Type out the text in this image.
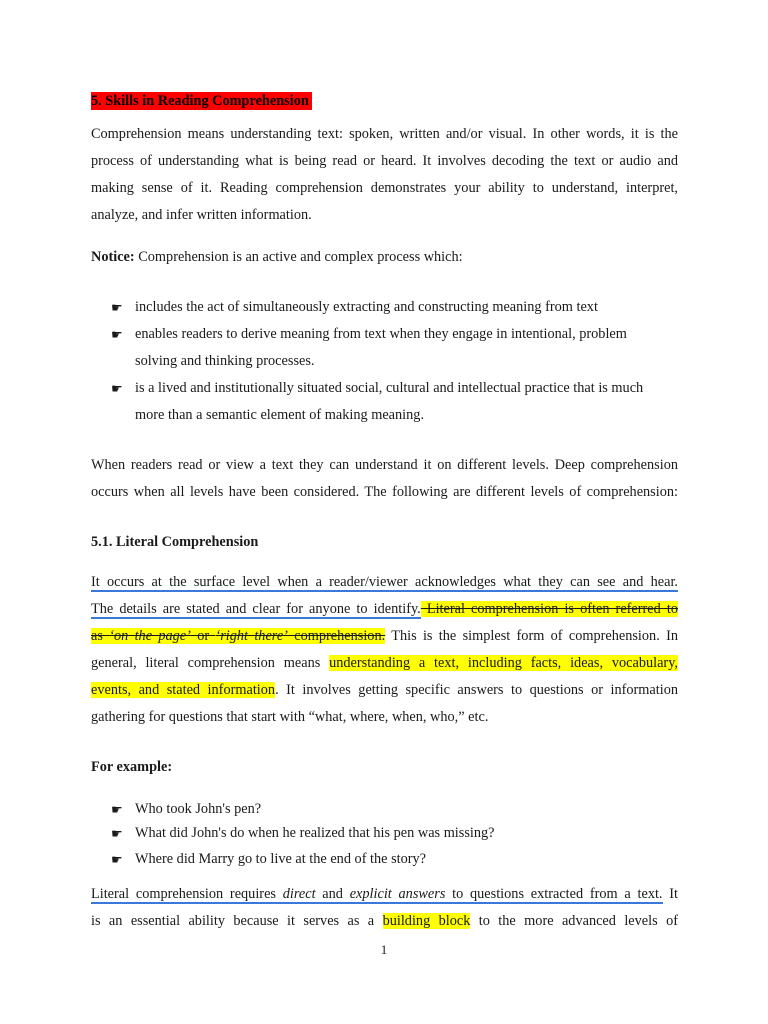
5. Skills in Reading Comprehension
Comprehension means understanding text: spoken, written and/or visual. In other words, it is the
process of understanding what is being read or heard. It involves decoding the text or audio and
making sense of it. Reading comprehension demonstrates your ability to understand, interpret,
analyze, and infer written information.
Notice: Comprehension is an active and complex process which:
☛ includes the act of simultaneously extracting and constructing meaning from text
☛ enables readers to derive meaning from text when they engage in intentional, problem
solving and thinking processes.
☛ is a lived and institutionally situated social, cultural and intellectual practice that is much
more than a semantic element of making meaning.
When readers read or view a text they can understand it on different levels. Deep comprehension
occurs when all levels have been considered. The following are different levels of comprehension:
5.1. Literal Comprehension
It occurs at the surface level when a reader/viewer acknowledges what they can see and hear.
The details are stated and clear for anyone to identify. Literal comprehension is often referred to
as ‘on the page’ or ‘right there’ comprehension. This is the simplest form of comprehension. In
general, literal comprehension means understanding a text, including facts, ideas, vocabulary,
events, and stated information. It involves getting specific answers to questions or information
gathering for questions that start with “what, where, when, who,” etc.
For example:
☛ Who took John's pen?
☛ What did John's do when he realized that his pen was missing?
☛ Where did Marry go to live at the end of the story?
Literal comprehension requires direct and explicit answers to questions extracted from a text. It
is an essential ability because it serves as a building block to the more advanced levels of
1
